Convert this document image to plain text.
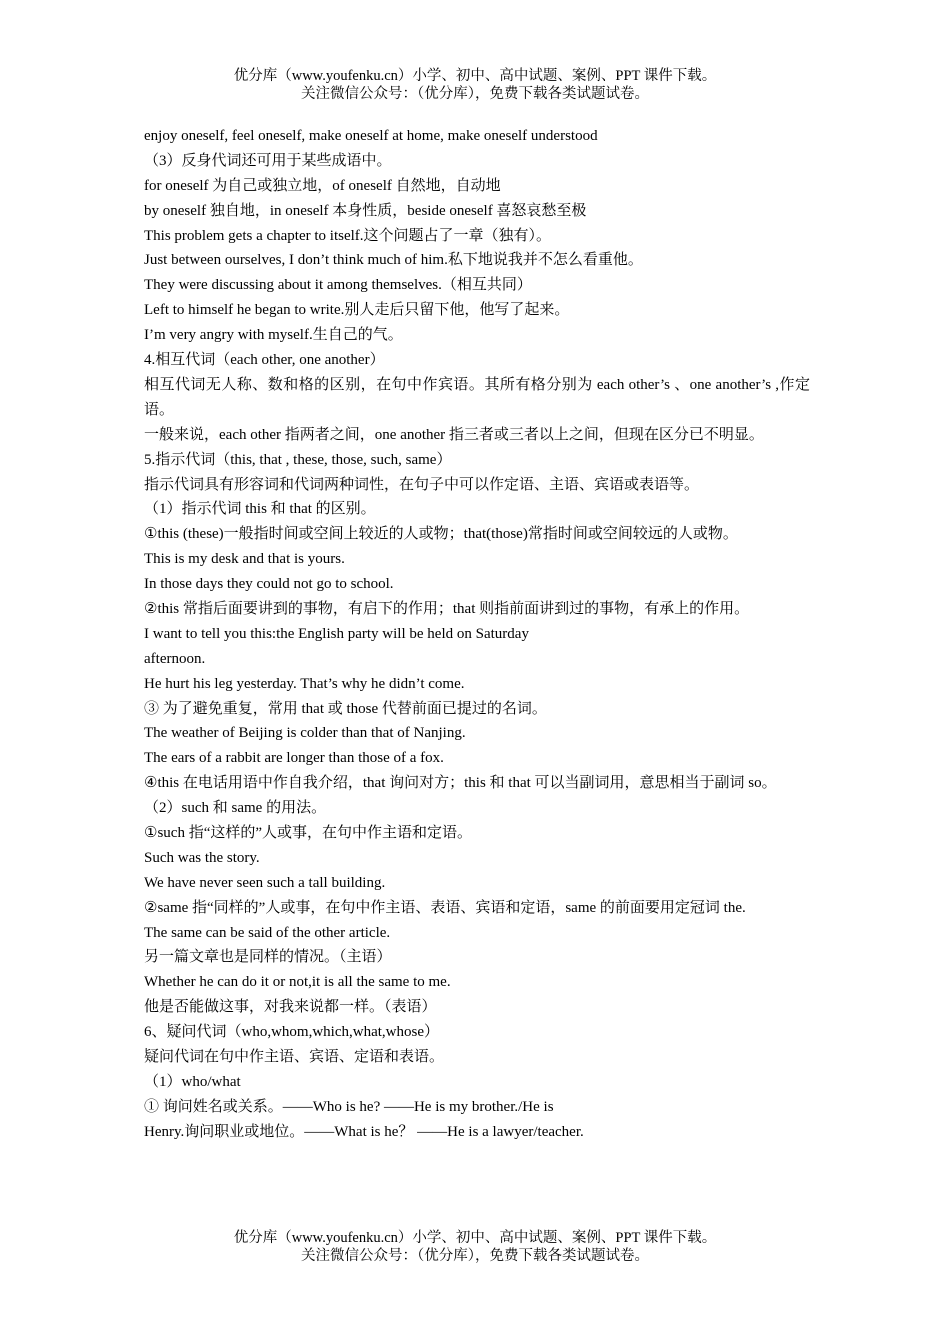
优分库（www.youfenku.cn）小学、初中、高中试题、案例、PPT 课件下载。
关注微信公众号：（优分库），免费下载各类试题试卷。
enjoy oneself, feel oneself, make oneself at home, make oneself understood
（3）反身代词还可用于某些成语中。
for oneself 为自己或独立地，of oneself 自然地，自动地
by oneself 独自地，in oneself 本身性质，beside oneself 喜怒哀愁至极
This problem gets a chapter to itself.这个问题占了一章（独有）。
Just between ourselves, I don’t think much of him.私下地说我并不怎么看重他。
They were discussing about it among themselves.（相互共同）
Left to himself he began to write.别人走后只留下他，他写了起来。
I’m very angry with myself.生自己的气。
4.相互代词（each other, one another）
相互代词无人称、数和格的区别，在句中作宾语。其所有格分别为 each other’s 、one another’s ,作定语。
一般来说，each other 指两者之间，one another 指三者或三者以上之间，但现在区分已不明显。
5.指示代词（this, that , these, those, such, same）
指示代词具有形容词和代词两种词性，在句子中可以作定语、主语、宾语或表语等。
（1）指示代词 this 和 that 的区别。
①this (these)一般指时间或空间上较近的人或物；that(those)常指时间或空间较远的人或物。
This is my desk and that is yours.
In those days they could not go to school.
②this 常指后面要讲到的事物，有启下的作用；that 则指前面讲到过的事物，有承上的作用。
I want to tell you this:the English party will be held on Saturday
afternoon.
He hurt his leg yesterday. That’s why he didn’t come.
③ 为了避免重复，常用 that 或 those 代替前面已提过的名词。
The weather of Beijing is colder than that of Nanjing.
The ears of a rabbit are longer than those of a fox.
④this 在电话用语中作自我介绍，that 询问对方；this 和 that 可以当副词用，意思相当于副词 so。
（2）such 和 same 的用法。
①such 指“这样的”人或事，在句中作主语和定语。
Such was the story.
We have never seen such a tall building.
②same 指“同样的”人或事，在句中作主语、表语、宾语和定语，same 的前面要用定冠词 the.
The same can be said of the other article.
另一篇文章也是同样的情况。（主语）
Whether he can do it or not,it is all the same to me.
他是否能做这事，对我来说都一样。（表语）
6、疑问代词（who,whom,which,what,whose）
疑问代词在句中作主语、宾语、定语和表语。
（1）who/what
① 询问姓名或关系。——Who is he? ——He is my brother./He is
Henry.询问职业或地位。——What is he？ ——He is a lawyer/teacher.
优分库（www.youfenku.cn）小学、初中、高中试题、案例、PPT 课件下载。
关注微信公众号：（优分库），免费下载各类试题试卷。
